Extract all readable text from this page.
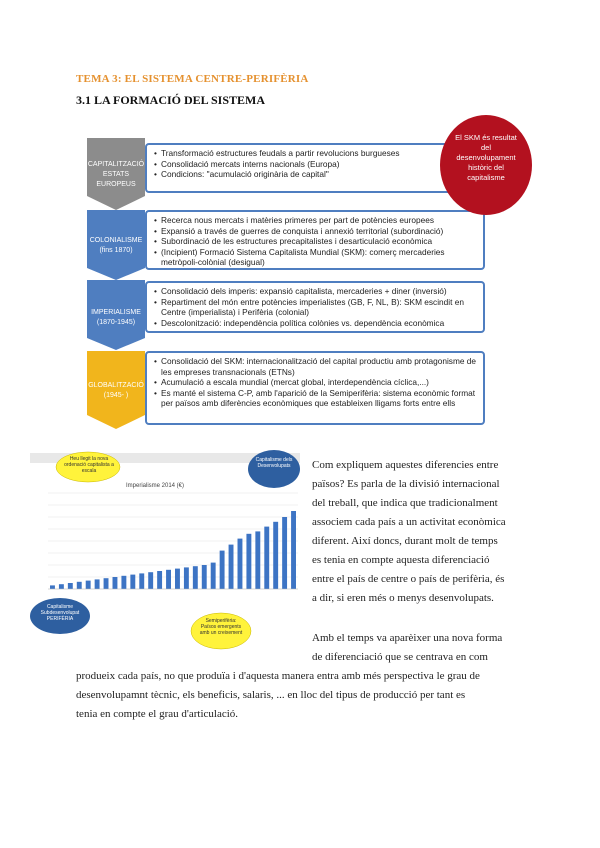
TEMA 3: EL SISTEMA CENTRE-PERIFÈRIA
3.1 LA FORMACIÓ DEL SISTEMA
CAPITALITZACIÓ
ESTATS
EUROPEUS
• Transformació estructures feudals a partir revolucions burgueses
• Consolidació mercats interns nacionals (Europa)
• Condicions: "acumulació originària de capital"
COLONIALISME
(fins 1870)
• Recerca nous mercats i matèries primeres per part de potències europees
• Expansió a través de guerres de conquista i annexió territorial (subordinació)
• Subordinació de les estructures precapitalistes i desarticulació econòmica
• (Incipient) Formació Sistema Capitalista Mundial (SKM): comerç mercaderies metròpoli-colònial (desigual)
IMPERIALISME
(1870-1945)
• Consolidació dels imperis: expansió capitalista, mercaderies + diner (inversió)
• Repartiment del món entre potències imperialistes (GB, F, NL, B): SKM escindit en Centre (imperialista) i Perifèria (colonial)
• Descolonització: independència política colònies vs. dependència econòmica
GLOBALITZACIÓ
(1945- )
• Consolidació del SKM: internacionalització del capital productiu amb protagonisme de les empreses transnacionals (ETNs)
• Acumulació a escala mundial (mercat global, interdependència cíclica,...)
• Es manté el sistema C-P, amb l'aparició de la Semiperifèria: sistema econòmic format per països amb diferències econòmiques que estableixen lligams forts entre ells
El SKM és resultat del desenvolupament històric del capitalisme
Imperialisme 2014 (€)
Heu llegit la nova ordenació capitalista a escala
Capitalisme dels Desenvolupats
Capitalisme Subdesenvolupat PERIFÈRIA	Semiperifèria: Països emergents amb un creixement
Com expliquem aquestes diferencies entre
països? Es parla de la divisió internacional
del treball, que indica que tradicionalment
associem cada país a un activitat econòmica
diferent. Així doncs, durant molt de temps
es tenia en compte aquesta diferenciació
entre el país de centre o país de perifèria, és
a dir, si eren més o menys desenvolupats.
Amb el temps va aparèixer una nova forma
de diferenciació que se centrava en com
produeix cada país, no que produïa i d'aquesta manera entra amb més perspectiva le grau de
desenvolupamnt tècnic, els beneficis, salaris, ... en lloc del tipus de producció per tant es
tenia en compte el grau d'articulació.
